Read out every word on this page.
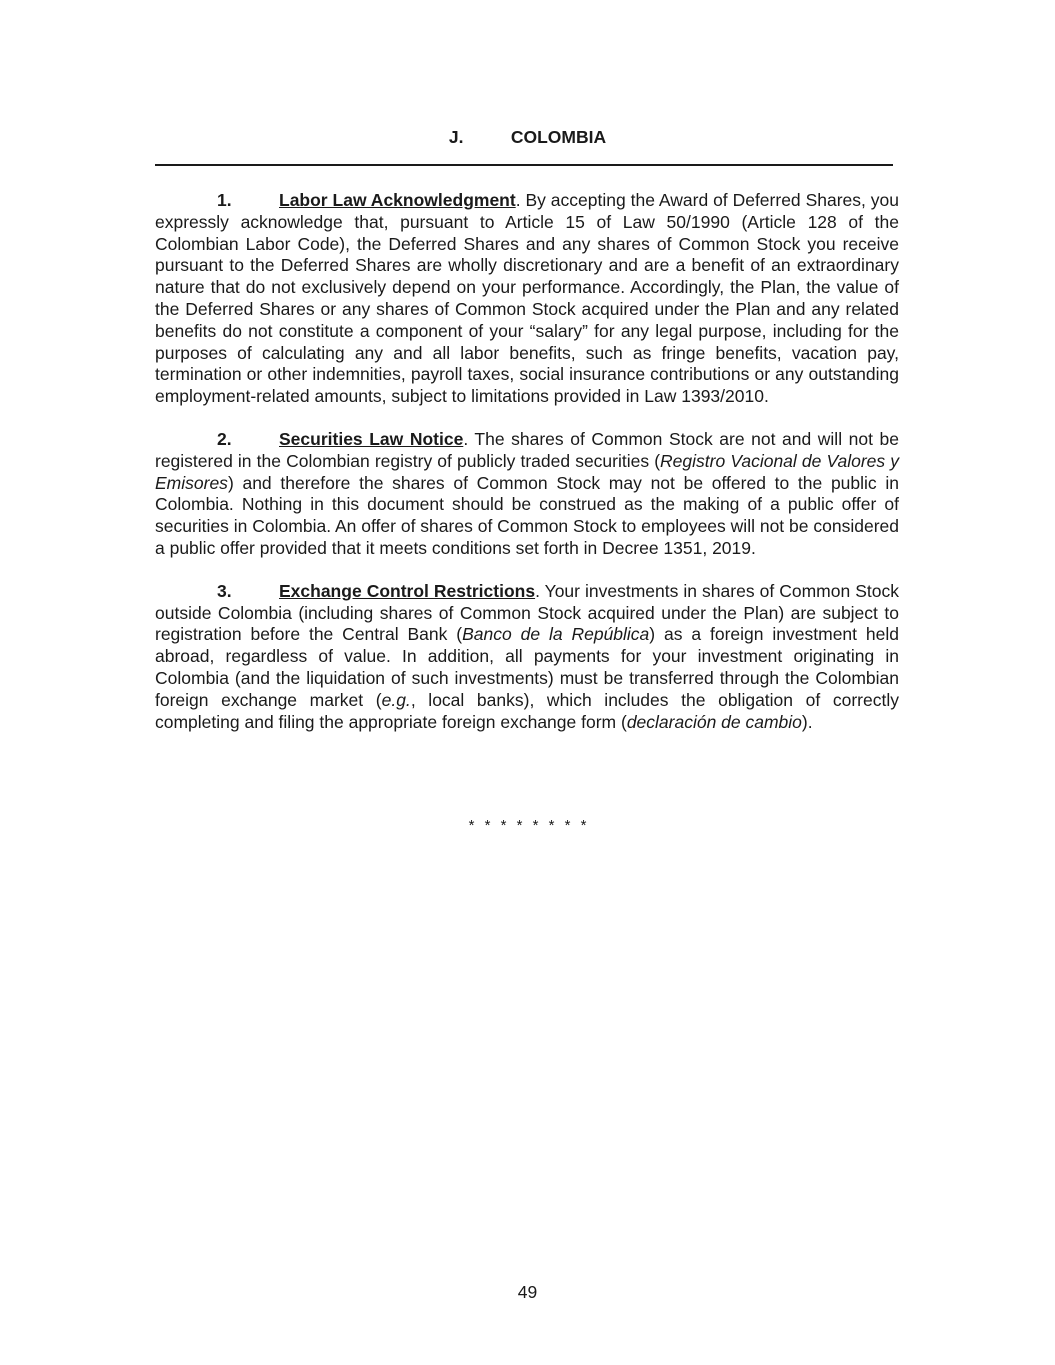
J.	COLOMBIA

1.	Labor Law Acknowledgment. By accepting the Award of Deferred Shares, you expressly acknowledge that, pursuant to Article 15 of Law 50/1990 (Article 128 of the Colombian Labor Code), the Deferred Shares and any shares of Common Stock you receive pursuant to the Deferred Shares are wholly discretionary and are a benefit of an extraordinary nature that do not exclusively depend on your performance. Accordingly, the Plan, the value of the Deferred Shares or any shares of Common Stock acquired under the Plan and any related benefits do not constitute a component of your “salary” for any legal purpose, including for the purposes of calculating any and all labor benefits, such as fringe benefits, vacation pay, termination or other indemnities, payroll taxes, social insurance contributions or any outstanding employment-related amounts, subject to limitations provided in Law 1393/2010.

2.	Securities Law Notice. The shares of Common Stock are not and will not be registered in the Colombian registry of publicly traded securities (Registro Vacional de Valores y Emisores) and therefore the shares of Common Stock may not be offered to the public in Colombia. Nothing in this document should be construed as the making of a public offer of securities in Colombia. An offer of shares of Common Stock to employees will not be considered a public offer provided that it meets conditions set forth in Decree 1351, 2019.

3.	Exchange Control Restrictions. Your investments in shares of Common Stock outside Colombia (including shares of Common Stock acquired under the Plan) are subject to registration before the Central Bank (Banco de la República) as a foreign investment held abroad, regardless of value. In addition, all payments for your investment originating in Colombia (and the liquidation of such investments) must be transferred through the Colombian foreign exchange market (e.g., local banks), which includes the obligation of correctly completing and filing the appropriate foreign exchange form (declaración de cambio).

* * * * * * * *
49
